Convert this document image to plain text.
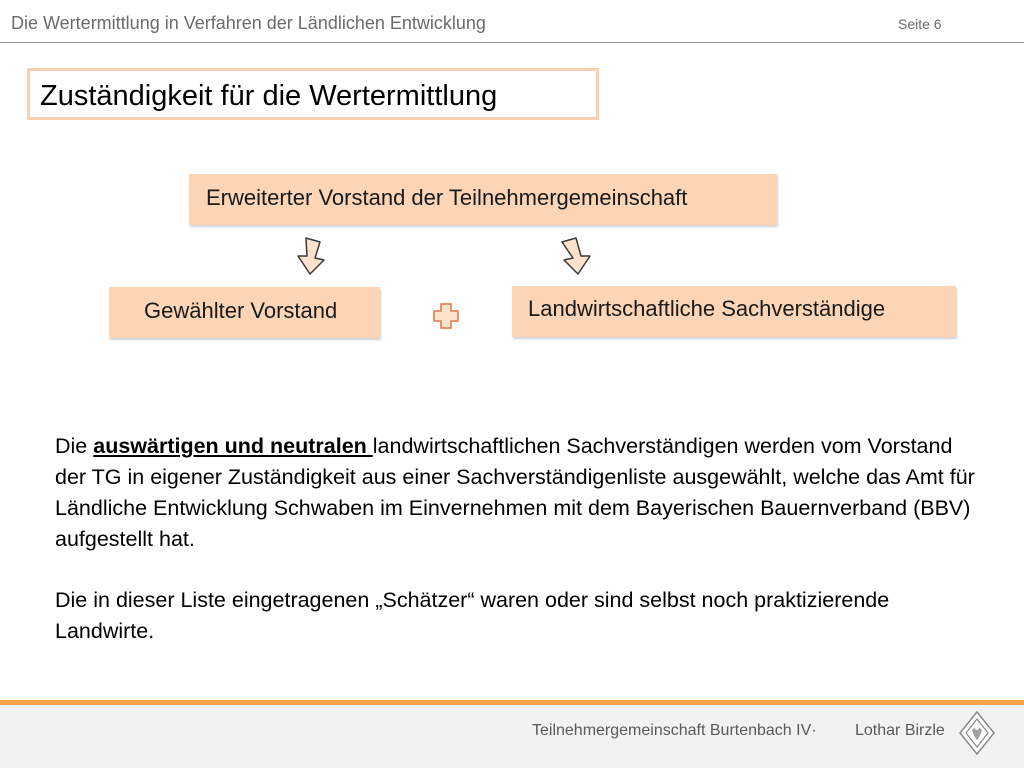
Die Wertermittlung in Verfahren der Ländlichen Entwicklung	Seite 6
Zuständigkeit für die Wertermittlung
Erweiterter Vorstand der Teilnehmergemeinschaft
Gewählter Vorstand	Landwirtschaftliche Sachverständige
Die auswärtigen und neutralen landwirtschaftlichen Sachverständigen werden vom Vorstand der TG in eigener Zuständigkeit aus einer Sachverständigenliste ausgewählt, welche das Amt für Ländliche Entwicklung Schwaben im Einvernehmen mit dem Bayerischen Bauernverband (BBV) aufgestellt hat.
Die in dieser Liste eingetragenen „Schätzer“ waren oder sind selbst noch praktizierende Landwirte.
Teilnehmergemeinschaft Burtenbach IV· Lothar Birzle
